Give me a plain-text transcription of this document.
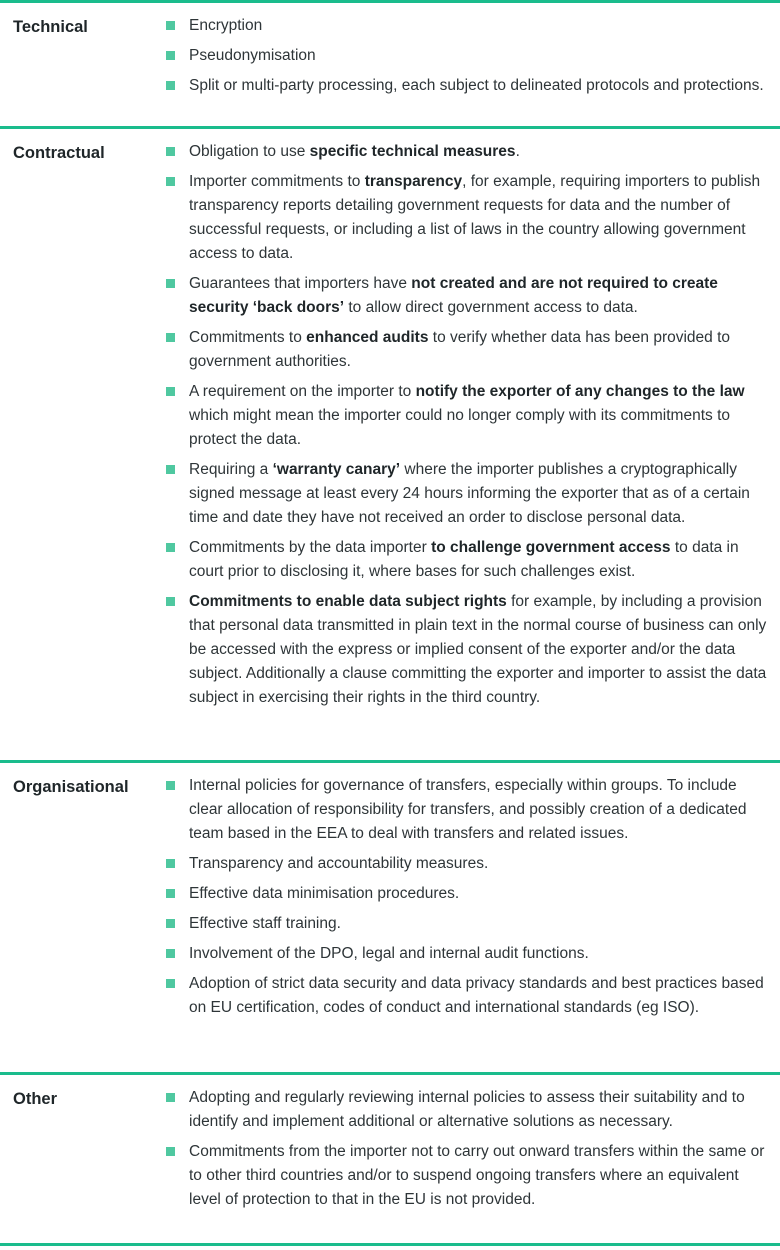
Technical	Encryption
Pseudonymisation
Split or multi-party processing, each subject to delineated protocols and protections.
Contractual	Obligation to use specific technical measures.
Importer commitments to transparency, for example, requiring importers to publish transparency reports detailing government requests for data and the number of successful requests, or including a list of laws in the country allowing government access to data.
Guarantees that importers have not created and are not required to create security ‘back doors’ to allow direct government access to data.
Commitments to enhanced audits to verify whether data has been provided to government authorities.
A requirement on the importer to notify the exporter of any changes to the law which might mean the importer could no longer comply with its commitments to protect the data.
Requiring a ‘warranty canary’ where the importer publishes a cryptographically signed message at least every 24 hours informing the exporter that as of a certain time and date they have not received an order to disclose personal data.
Commitments by the data importer to challenge government access to data in court prior to disclosing it, where bases for such challenges exist.
Commitments to enable data subject rights for example, by including a provision that personal data transmitted in plain text in the normal course of business can only be accessed with the express or implied consent of the exporter and/or the data subject. Additionally a clause committing the exporter and importer to assist the data subject in exercising their rights in the third country.
Organisational	Internal policies for governance of transfers, especially within groups. To include clear allocation of responsibility for transfers, and possibly creation of a dedicated team based in the EEA to deal with transfers and related issues.
Transparency and accountability measures.
Effective data minimisation procedures.
Effective staff training.
Involvement of the DPO, legal and internal audit functions.
Adoption of strict data security and data privacy standards and best practices based on EU certification, codes of conduct and international standards (eg ISO).
Other	Adopting and regularly reviewing internal policies to assess their suitability and to identify and implement additional or alternative solutions as necessary.
Commitments from the importer not to carry out onward transfers within the same or to other third countries and/or to suspend ongoing transfers where an equivalent level of protection to that in the EU is not provided.
